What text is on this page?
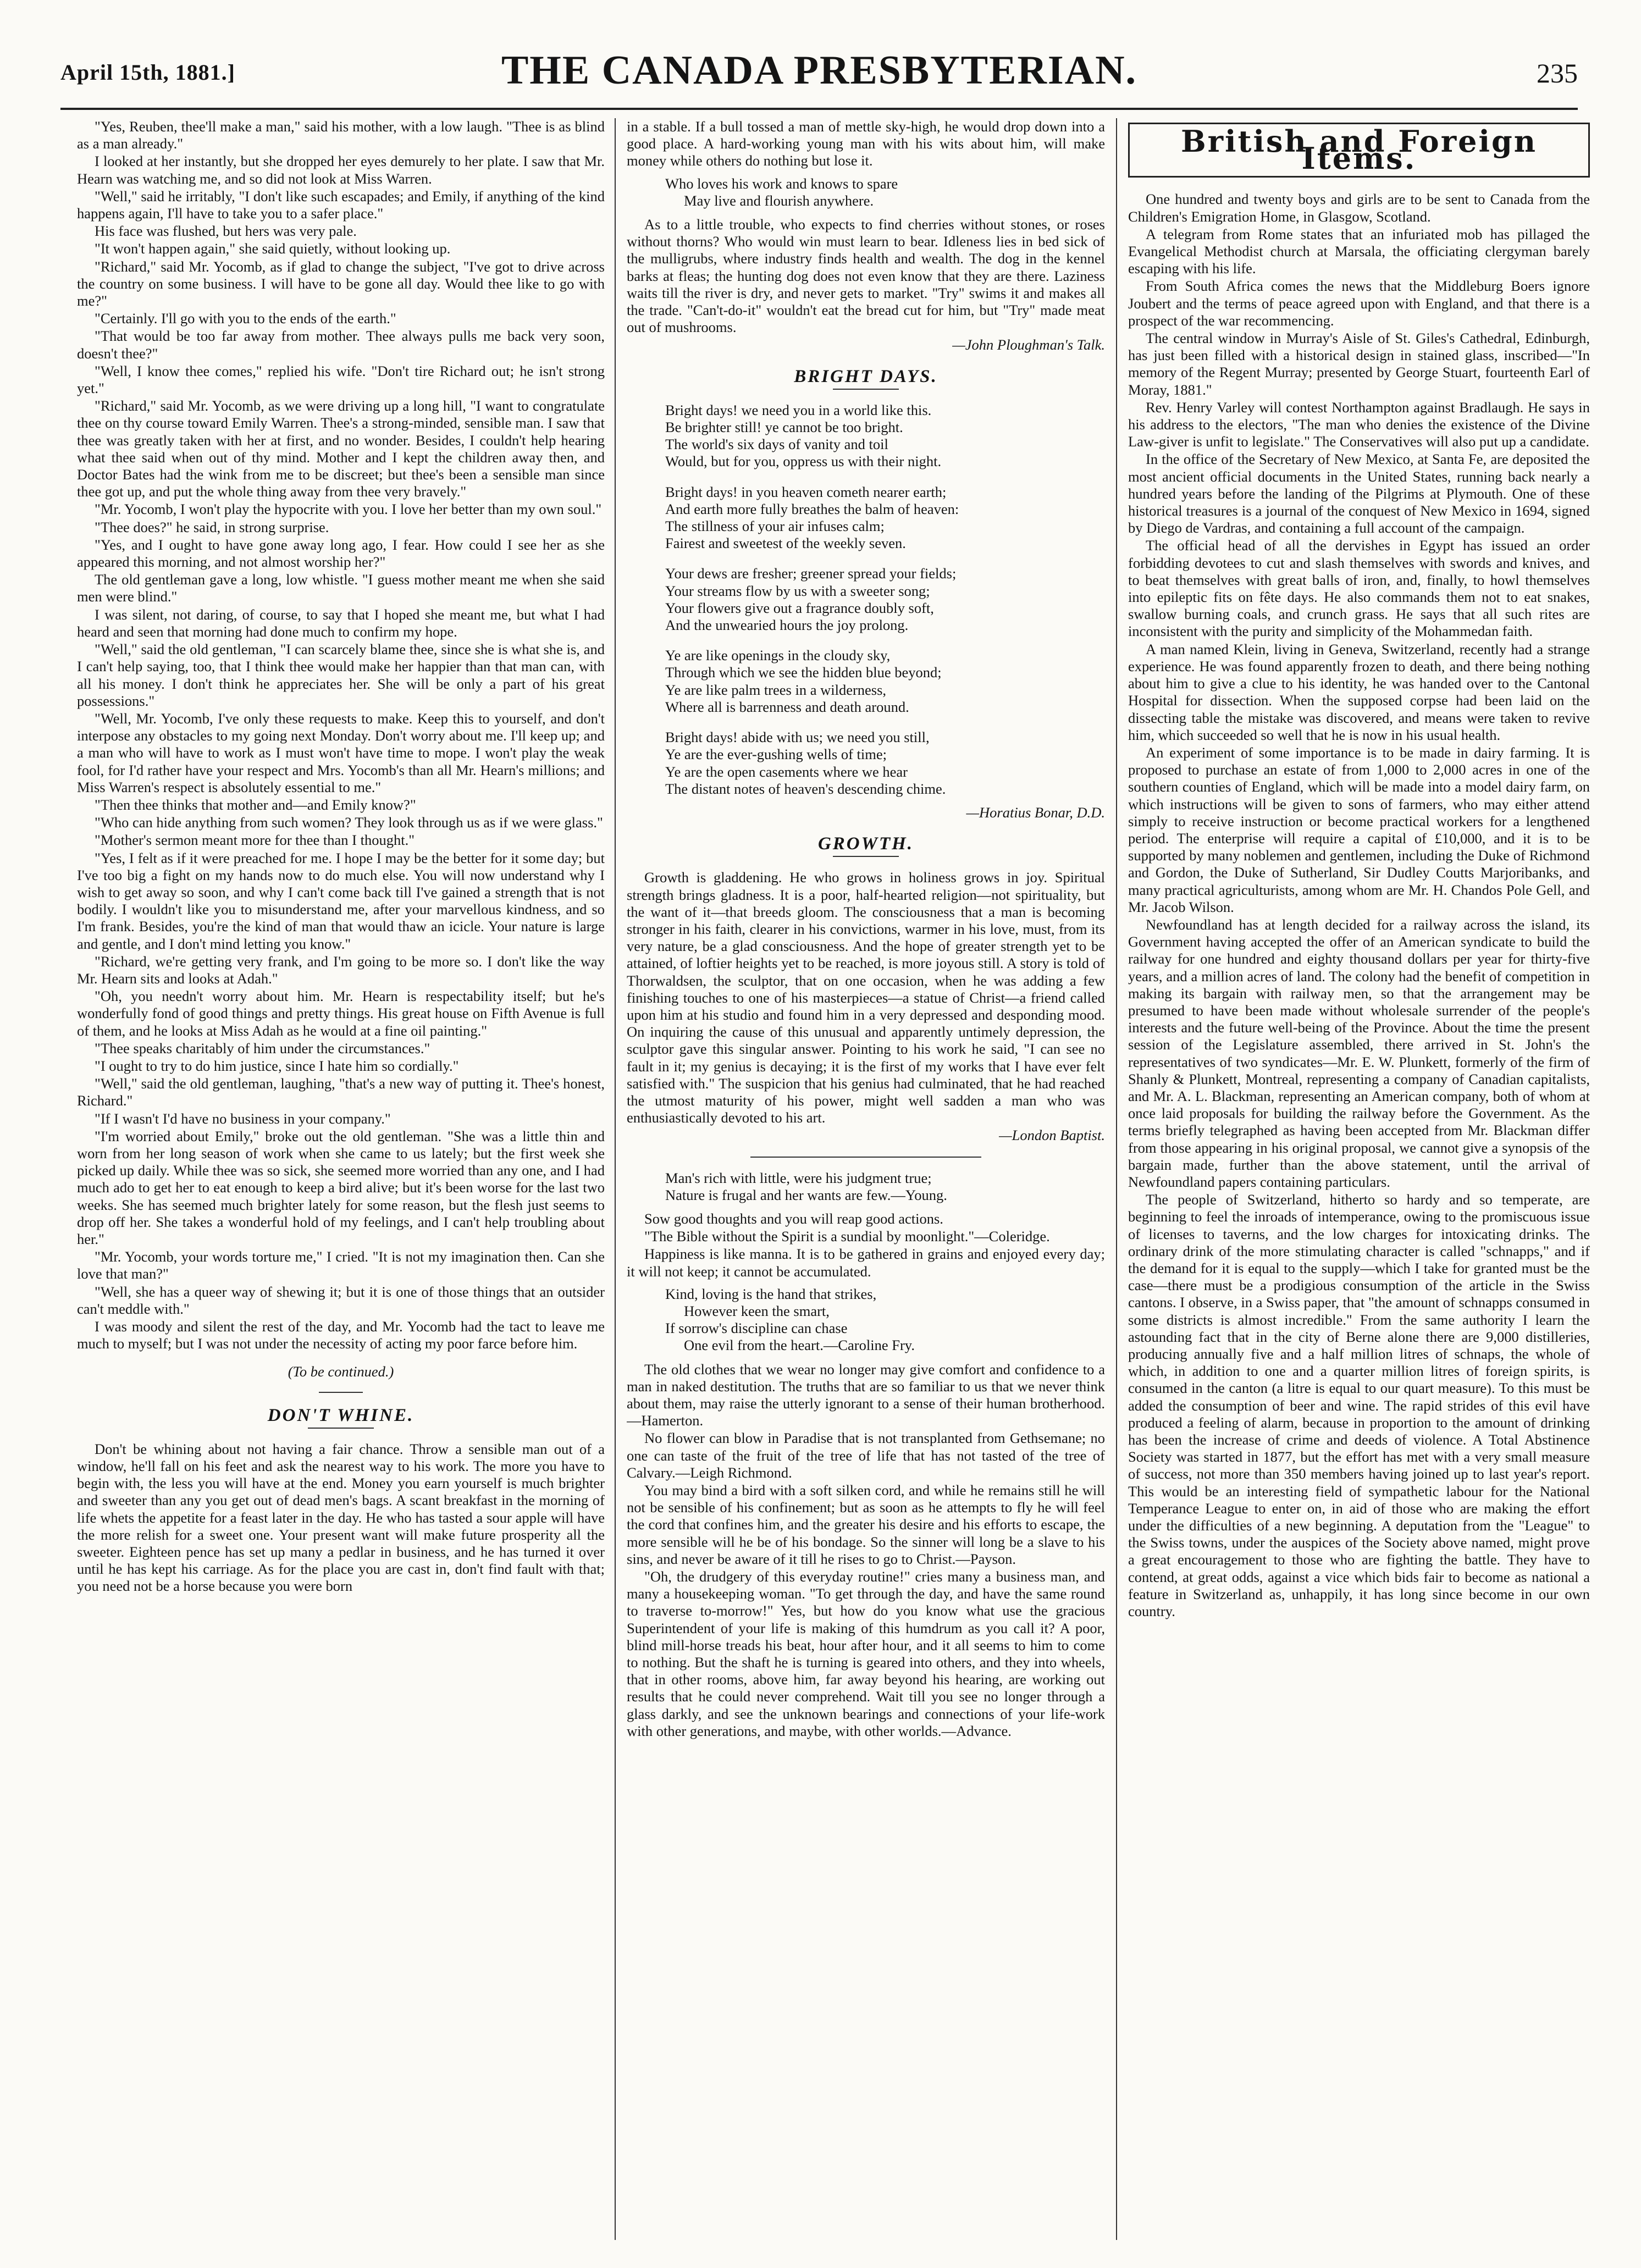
April 15th, 1881.]	THE CANADA PRESBYTERIAN.	235

"Yes, Reuben, thee'll make a man," said his mother, with a low laugh. "Thee is as blind as a man already."

I looked at her instantly, but she dropped her eyes demurely to her plate. I saw that Mr. Hearn was watching me, and so did not look at Miss Warren.

"Well," said he irritably, "I don't like such escapades; and Emily, if anything of the kind happens again, I'll have to take you to a safer place."

His face was flushed, but hers was very pale.

"It won't happen again," she said quietly, without looking up.

"Richard," said Mr. Yocomb, as if glad to change the subject, "I've got to drive across the country on some business. I will have to be gone all day. Would thee like to go with me?"

"Certainly. I'll go with you to the ends of the earth."

"That would be too far away from mother. Thee always pulls me back very soon, doesn't thee?"

"Well, I know thee comes," replied his wife. "Don't tire Richard out; he isn't strong yet."

"Richard," said Mr. Yocomb, as we were driving up a long hill, "I want to congratulate thee on thy course toward Emily Warren. Thee's a strong-minded, sensible man. I saw that thee was greatly taken with her at first, and no wonder. Besides, I couldn't help hearing what thee said when out of thy mind. Mother and I kept the children away then, and Doctor Bates had the wink from me to be discreet; but thee's been a sensible man since thee got up, and put the whole thing away from thee very bravely."

"Mr. Yocomb, I won't play the hypocrite with you. I love her better than my own soul."

"Thee does?" he said, in strong surprise.

"Yes, and I ought to have gone away long ago, I fear. How could I see her as she appeared this morning, and not almost worship her?"

The old gentleman gave a long, low whistle. "I guess mother meant me when she said men were blind."

I was silent, not daring, of course, to say that I hoped she meant me, but what I had heard and seen that morning had done much to confirm my hope.

"Well," said the old gentleman, "I can scarcely blame thee, since she is what she is, and I can't help saying, too, that I think thee would make her happier than that man can, with all his money. I don't think he appreciates her. She will be only a part of his great possessions."

"Well, Mr. Yocomb, I've only these requests to make. Keep this to yourself, and don't interpose any obstacles to my going next Monday. Don't worry about me. I'll keep up; and a man who will have to work as I must won't have time to mope. I won't play the weak fool, for I'd rather have your respect and Mrs. Yocomb's than all Mr. Hearn's millions; and Miss Warren's respect is absolutely essential to me."

"Then thee thinks that mother and—and Emily know?"

"Who can hide anything from such women? They look through us as if we were glass."

"Mother's sermon meant more for thee than I thought."

"Yes, I felt as if it were preached for me. I hope I may be the better for it some day; but I've too big a fight on my hands now to do much else. You will now understand why I wish to get away so soon, and why I can't come back till I've gained a strength that is not bodily. I wouldn't like you to misunderstand me, after your marvellous kindness, and so I'm frank. Besides, you're the kind of man that would thaw an icicle. Your nature is large and gentle, and I don't mind letting you know."

"Richard, we're getting very frank, and I'm going to be more so. I don't like the way Mr. Hearn sits and looks at Adah."

"Oh, you needn't worry about him. Mr. Hearn is respectability itself; but he's wonderfully fond of good things and pretty things. His great house on Fifth Avenue is full of them, and he looks at Miss Adah as he would at a fine oil painting."

"Thee speaks charitably of him under the circumstances."

"I ought to try to do him justice, since I hate him so cordially."

"Well," said the old gentleman, laughing, "that's a new way of putting it. Thee's honest, Richard."

"If I wasn't I'd have no business in your company."

"I'm worried about Emily," broke out the old gentleman. "She was a little thin and worn from her long season of work when she came to us lately; but the first week she picked up daily. While thee was so sick, she seemed more worried than any one, and I had much ado to get her to eat enough to keep a bird alive; but it's been worse for the last two weeks. She has seemed much brighter lately for some reason, but the flesh just seems to drop off her. She takes a wonderful hold of my feelings, and I can't help troubling about her."

"Mr. Yocomb, your words torture me," I cried. "It is not my imagination then. Can she love that man?"

"Well, she has a queer way of shewing it; but it is one of those things that an outsider can't meddle with."

I was moody and silent the rest of the day, and Mr. Yocomb had the tact to leave me much to myself; but I was not under the necessity of acting my poor farce before him.

(To be continued.)
DON'T WHINE.

Don't be whining about not having a fair chance. Throw a sensible man out of a window, he'll fall on his feet and ask the nearest way to his work. The more you have to begin with, the less you will have at the end. Money you earn yourself is much brighter and sweeter than any you get out of dead men's bags. A scant breakfast in the morning of life whets the appetite for a feast later in the day. He who has tasted a sour apple will have the more relish for a sweet one. Your present want will make future prosperity all the sweeter. Eighteen pence has set up many a pedlar in business, and he has turned it over until he has kept his carriage. As for the place you are cast in, don't find fault with that; you need not be a horse because you were born

in a stable. If a bull tossed a man of mettle sky-high, he would drop down into a good place. A hard-working young man with his wits about him, will make money while others do nothing but lose it.

Who loves his work and knows to spare
May live and flourish anywhere.

As to a little trouble, who expects to find cherries without stones, or roses without thorns? Who would win must learn to bear. Idleness lies in bed sick of the mulligrubs, where industry finds health and wealth. The dog in the kennel barks at fleas; the hunting dog does not even know that they are there. Laziness waits till the river is dry, and never gets to market. "Try" swims it and makes all the trade. "Can't-do-it" wouldn't eat the bread cut for him, but "Try" made meat out of mushrooms.

—John Ploughman's Talk.
BRIGHT DAYS.
Bright days! we need you in a world like this.
Be brighter still! ye cannot be too bright.
The world's six days of vanity and toil
Would, but for you, oppress us with their night.
Bright days! in you heaven cometh nearer earth;
And earth more fully breathes the balm of heaven:
The stillness of your air infuses calm;
Fairest and sweetest of the weekly seven.
Your dews are fresher; greener spread your fields;
Your streams flow by us with a sweeter song;
Your flowers give out a fragrance doubly soft,
And the unwearied hours the joy prolong.
Ye are like openings in the cloudy sky,
Through which we see the hidden blue beyond;
Ye are like palm trees in a wilderness,
Where all is barrenness and death around.
Bright days! abide with us; we need you still,
Ye are the ever-gushing wells of time;
Ye are the open casements where we hear
The distant notes of heaven's descending chime.
—Horatius Bonar, D.D.
GROWTH.

Growth is gladdening. He who grows in holiness grows in joy. Spiritual strength brings gladness. It is a poor, half-hearted religion—not spirituality, but the want of it—that breeds gloom. The consciousness that a man is becoming stronger in his faith, clearer in his convictions, warmer in his love, must, from its very nature, be a glad consciousness. And the hope of greater strength yet to be attained, of loftier heights yet to be reached, is more joyous still. A story is told of Thorwaldsen, the sculptor, that on one occasion, when he was adding a few finishing touches to one of his masterpieces—a statue of Christ—a friend called upon him at his studio and found him in a very depressed and desponding mood. On inquiring the cause of this unusual and apparently untimely depression, the sculptor gave this singular answer. Pointing to his work he said, "I can see no fault in it; my genius is decaying; it is the first of my works that I have ever felt satisfied with." The suspicion that his genius had culminated, that he had reached the utmost maturity of his power, might well sadden a man who was enthusiastically devoted to his art.

—London Baptist.
Man's rich with little, were his judgment true;
Nature is frugal and her wants are few.—Young.

Sow good thoughts and you will reap good actions.

"The Bible without the Spirit is a sundial by moonlight."—Coleridge.

Happiness is like manna. It is to be gathered in grains and enjoyed every day; it will not keep; it cannot be accumulated.

Kind, loving is the hand that strikes,
However keen the smart,
If sorrow's discipline can chase
One evil from the heart.—Caroline Fry.

The old clothes that we wear no longer may give comfort and confidence to a man in naked destitution. The truths that are so familiar to us that we never think about them, may raise the utterly ignorant to a sense of their human brotherhood.—Hamerton.

No flower can blow in Paradise that is not transplanted from Gethsemane; no one can taste of the fruit of the tree of life that has not tasted of the tree of Calvary.—Leigh Richmond.

You may bind a bird with a soft silken cord, and while he remains still he will not be sensible of his confinement; but as soon as he attempts to fly he will feel the cord that confines him, and the greater his desire and his efforts to escape, the more sensible will he be of his bondage. So the sinner will long be a slave to his sins, and never be aware of it till he rises to go to Christ.—Payson.

"Oh, the drudgery of this everyday routine!" cries many a business man, and many a housekeeping woman. "To get through the day, and have the same round to traverse to-morrow!" Yes, but how do you know what use the gracious Superintendent of your life is making of this humdrum as you call it? A poor, blind mill-horse treads his beat, hour after hour, and it all seems to him to come to nothing. But the shaft he is turning is geared into others, and they into wheels, that in other rooms, above him, far away beyond his hearing, are working out results that he could never comprehend. Wait till you see no longer through a glass darkly, and see the unknown bearings and connections of your life-work with other generations, and maybe, with other worlds.—Advance.

British and Foreign Items.

One hundred and twenty boys and girls are to be sent to Canada from the Children's Emigration Home, in Glasgow, Scotland.

A telegram from Rome states that an infuriated mob has pillaged the Evangelical Methodist church at Marsala, the officiating clergyman barely escaping with his life.

From South Africa comes the news that the Middleburg Boers ignore Joubert and the terms of peace agreed upon with England, and that there is a prospect of the war recommencing.

The central window in Murray's Aisle of St. Giles's Cathedral, Edinburgh, has just been filled with a historical design in stained glass, inscribed—"In memory of the Regent Murray; presented by George Stuart, fourteenth Earl of Moray, 1881."

Rev. Henry Varley will contest Northampton against Bradlaugh. He says in his address to the electors, "The man who denies the existence of the Divine Law-giver is unfit to legislate." The Conservatives will also put up a candidate.

In the office of the Secretary of New Mexico, at Santa Fe, are deposited the most ancient official documents in the United States, running back nearly a hundred years before the landing of the Pilgrims at Plymouth. One of these historical treasures is a journal of the conquest of New Mexico in 1694, signed by Diego de Vardras, and containing a full account of the campaign.

The official head of all the dervishes in Egypt has issued an order forbidding devotees to cut and slash themselves with swords and knives, and to beat themselves with great balls of iron, and, finally, to howl themselves into epileptic fits on fête days. He also commands them not to eat snakes, swallow burning coals, and crunch grass. He says that all such rites are inconsistent with the purity and simplicity of the Mohammedan faith.

A man named Klein, living in Geneva, Switzerland, recently had a strange experience. He was found apparently frozen to death, and there being nothing about him to give a clue to his identity, he was handed over to the Cantonal Hospital for dissection. When the supposed corpse had been laid on the dissecting table the mistake was discovered, and means were taken to revive him, which succeeded so well that he is now in his usual health.

An experiment of some importance is to be made in dairy farming. It is proposed to purchase an estate of from 1,000 to 2,000 acres in one of the southern counties of England, which will be made into a model dairy farm, on which instructions will be given to sons of farmers, who may either attend simply to receive instruction or become practical workers for a lengthened period. The enterprise will require a capital of £10,000, and it is to be supported by many noblemen and gentlemen, including the Duke of Richmond and Gordon, the Duke of Sutherland, Sir Dudley Coutts Marjoribanks, and many practical agriculturists, among whom are Mr. H. Chandos Pole Gell, and Mr. Jacob Wilson.

Newfoundland has at length decided for a railway across the island, its Government having accepted the offer of an American syndicate to build the railway for one hundred and eighty thousand dollars per year for thirty-five years, and a million acres of land. The colony had the benefit of competition in making its bargain with railway men, so that the arrangement may be presumed to have been made without wholesale surrender of the people's interests and the future well-being of the Province. About the time the present session of the Legislature assembled, there arrived in St. John's the representatives of two syndicates—Mr. E. W. Plunkett, formerly of the firm of Shanly & Plunkett, Montreal, representing a company of Canadian capitalists, and Mr. A. L. Blackman, representing an American company, both of whom at once laid proposals for building the railway before the Government. As the terms briefly telegraphed as having been accepted from Mr. Blackman differ from those appearing in his original proposal, we cannot give a synopsis of the bargain made, further than the above statement, until the arrival of Newfoundland papers containing particulars.

The people of Switzerland, hitherto so hardy and so temperate, are beginning to feel the inroads of intemperance, owing to the promiscuous issue of licenses to taverns, and the low charges for intoxicating drinks. The ordinary drink of the more stimulating character is called "schnapps," and if the demand for it is equal to the supply—which I take for granted must be the case—there must be a prodigious consumption of the article in the Swiss cantons. I observe, in a Swiss paper, that "the amount of schnapps consumed in some districts is almost incredible." From the same authority I learn the astounding fact that in the city of Berne alone there are 9,000 distilleries, producing annually five and a half million litres of schnaps, the whole of which, in addition to one and a quarter million litres of foreign spirits, is consumed in the canton (a litre is equal to our quart measure). To this must be added the consumption of beer and wine. The rapid strides of this evil have produced a feeling of alarm, because in proportion to the amount of drinking has been the increase of crime and deeds of violence. A Total Abstinence Society was started in 1877, but the effort has met with a very small measure of success, not more than 350 members having joined up to last year's report. This would be an interesting field of sympathetic labour for the National Temperance League to enter on, in aid of those who are making the effort under the difficulties of a new beginning. A deputation from the "League" to the Swiss towns, under the auspices of the Society above named, might prove a great encouragement to those who are fighting the battle. They have to contend, at great odds, against a vice which bids fair to become as national a feature in Switzerland as, unhappily, it has long since become in our own country.
